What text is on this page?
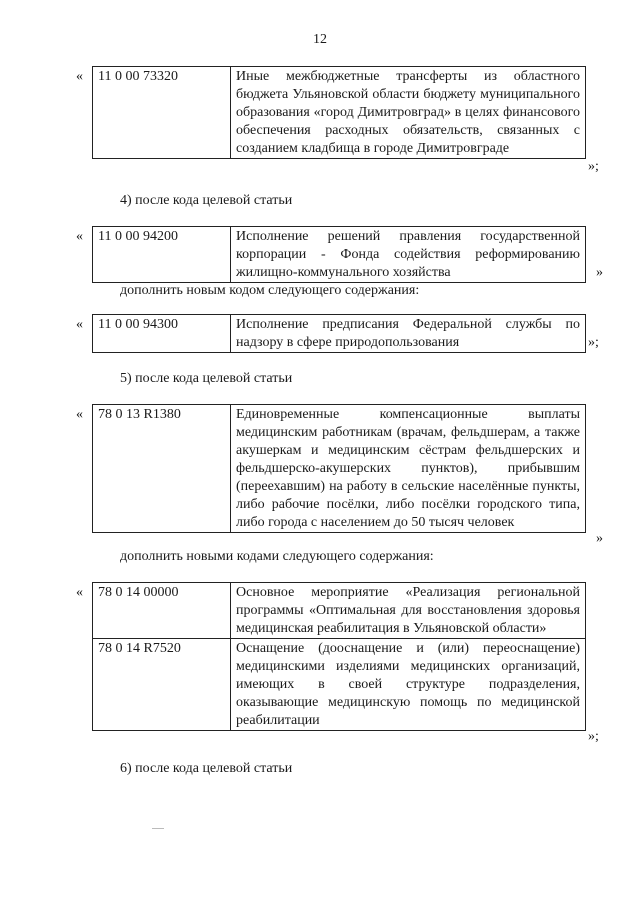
12
« 11 0 00 73320	Иные межбюджетные трансферты из областного бюджета Ульяновской области бюджету муниципального образования «город Димитровград» в целях финансового обеспечения расходных обязательств, связанных с созданием кладбища в городе Димитровграде
»;
4) после кода целевой статьи
« 11 0 00 94200	Исполнение решений правления государственной корпорации - Фонда содействия реформированию жилищно-коммунального хозяйства	»
дополнить новым кодом следующего содержания:
« 11 0 00 94300	Исполнение предписания Федеральной службы по надзору в сфере природопользования	»;
5) после кода целевой статьи
« 78 0 13 R1380	Единовременные компенсационные выплаты медицинским работникам (врачам, фельдшерам, а также акушеркам и медицинским сёстрам фельдшерских и фельдшерско-акушерских пунктов), прибывшим (переехавшим) на работу в сельские населённые пункты, либо рабочие посёлки, либо посёлки городского типа, либо города с населением до 50 тысяч человек
»
дополнить новыми кодами следующего содержания:
« 78 0 14 00000	Основное мероприятие «Реализация региональной программы «Оптимальная для восстановления здоровья медицинская реабилитация в Ульяновской области»
78 0 14 R7520	Оснащение (дооснащение и (или) переоснащение) медицинскими изделиями медицинских организаций, имеющих в своей структуре подразделения, оказывающие медицинскую помощь по медицинской реабилитации
»;
6) после кода целевой статьи
